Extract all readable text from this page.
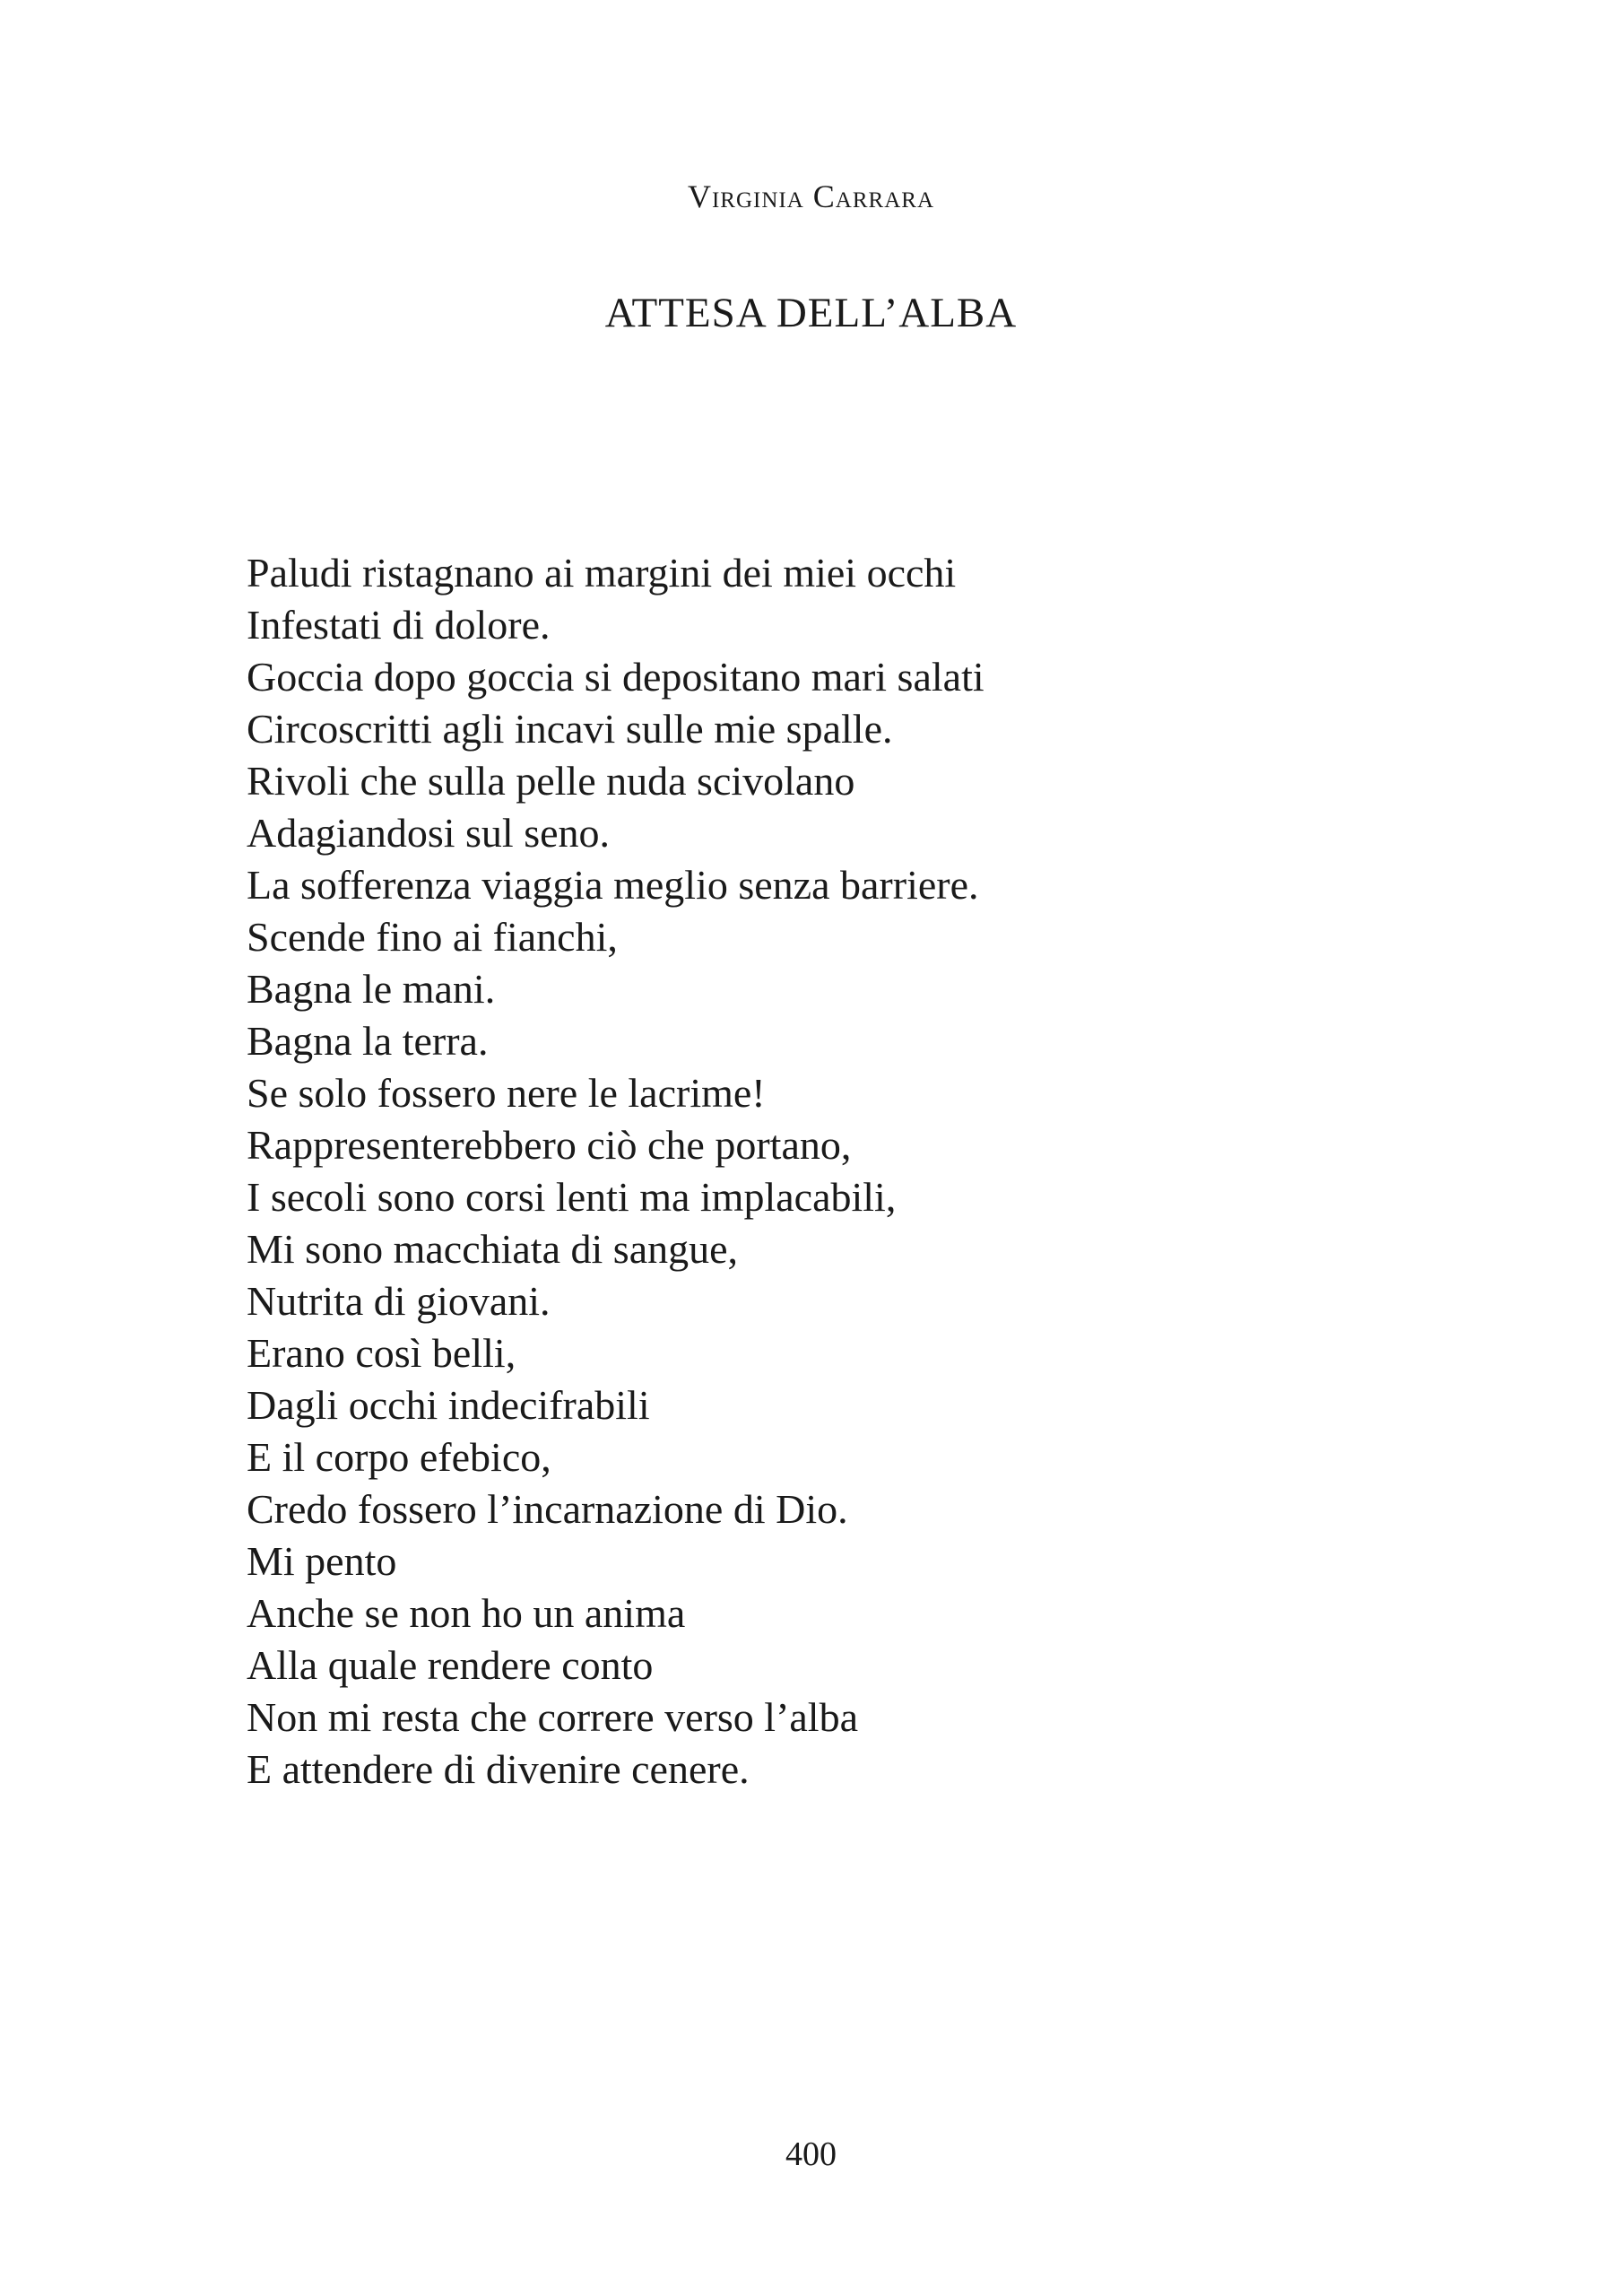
Virginia Carrara
ATTESA DELL’ALBA
Paludi ristagnano ai margini dei miei occhi
Infestati di dolore.
Goccia dopo goccia si depositano mari salati
Circoscritti agli incavi sulle mie spalle.
Rivoli che sulla pelle nuda scivolano
Adagiandosi sul seno.
La sofferenza viaggia meglio senza barriere.
Scende fino ai fianchi,
Bagna le mani.
Bagna la terra.
Se solo fossero nere le lacrime!
Rappresenterebbero ciò che portano,
I secoli sono corsi lenti ma implacabili,
Mi sono macchiata di sangue,
Nutrita di giovani.
Erano così belli,
Dagli occhi indecifrabili
E il corpo efebico,
Credo fossero l’incarnazione di Dio.
Mi pento
Anche se non ho un anima
Alla quale rendere conto
Non mi resta che correre verso l’alba
E attendere di divenire cenere.
400
